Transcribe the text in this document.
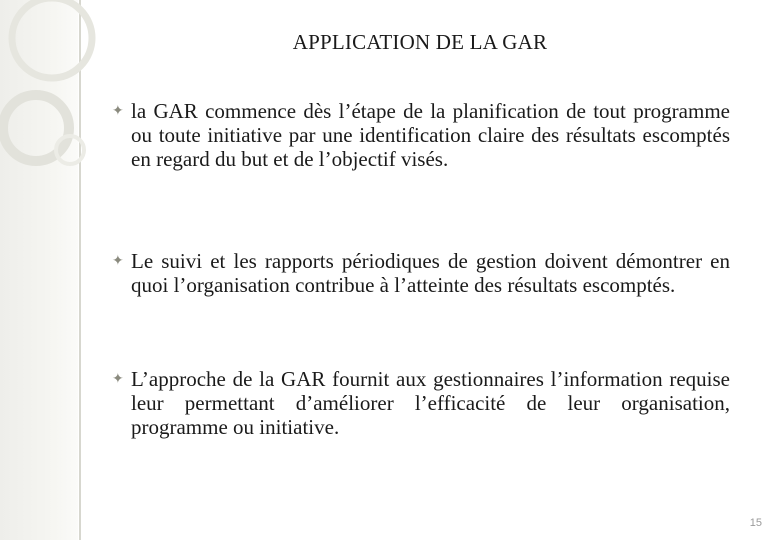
APPLICATION DE LA GAR
✦ la GAR commence dès l’étape de la planification de tout programme ou toute initiative par une identification claire des résultats escomptés en regard du but et de l’objectif visés.
✦ Le suivi et les rapports périodiques de gestion doivent démontrer en quoi l’organisation contribue à l’atteinte des résultats escomptés.
✦ L’approche de la GAR fournit aux gestionnaires l’information requise leur permettant d’améliorer l’efficacité de leur organisation, programme ou initiative.
15
